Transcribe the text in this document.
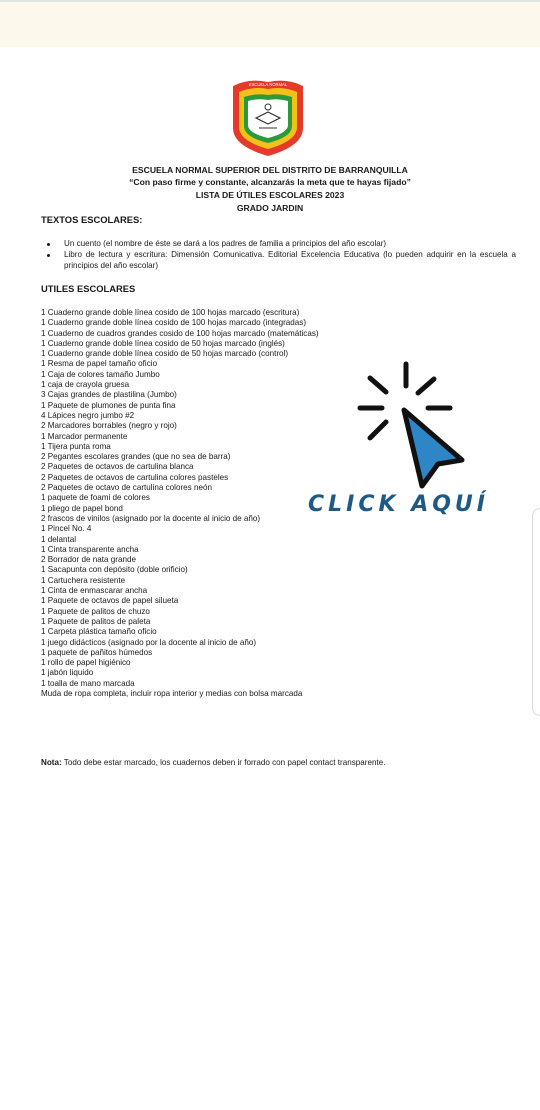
ESCUELA NORMAL
ESCUELA NORMAL SUPERIOR DEL DISTRITO DE BARRANQUILLA
“Con paso firme y constante, alcanzarás la meta que te hayas fijado”
LISTA DE ÚTILES ESCOLARES 2023
GRADO JARDIN
TEXTOS ESCOLARES:
Un cuento (el nombre de éste se dará a los padres de familia a principios del año escolar)
Libro de lectura y escritura: Dimensión Comunicativa. Editorial Excelencia Educativa (lo pueden adquirir en la escuela a principios del año escolar)
UTILES ESCOLARES
1 Cuaderno grande doble línea cosido de 100 hojas marcado (escritura)
1 Cuaderno grande doble línea cosido de 100 hojas marcado (integradas)
1 Cuaderno de cuadros grandes cosido de 100 hojas marcado (matemáticas)
1 Cuaderno grande doble línea cosido de 50 hojas marcado (inglés)
1 Cuaderno grande doble línea cosido de 50 hojas marcado (control)
1 Resma de papel tamaño oficio
1 Caja de colores tamaño Jumbo
1 caja de crayola gruesa
3 Cajas grandes de plastilina (Jumbo)
1 Paquete de plumones de punta fina
4 Lápices negro jumbo #2
2 Marcadores borrables (negro y rojo)
1 Marcador permanente
1 Tijera punta roma
2 Pegantes escolares grandes (que no sea de barra)
2 Paquetes de octavos de cartulina blanca
2 Paquetes de octavos de cartulina colores pasteles
2 Paquetes de octavo de cartulina colores neón
1 paquete de foami de colores
1 pliego de papel bond
2 frascos de vinilos (asignado por la docente al inicio de año)
1 Pincel No. 4
1 delantal
1 Cinta transparente ancha
2 Borrador de nata grande
1 Sacapunta con depósito (doble orificio)
1 Cartuchera resistente
1 Cinta de enmascarar ancha
1 Paquete de octavos de papel silueta
1 Paquete de palitos de chuzo
1 Paquete de palitos de paleta
1 Carpeta plástica tamaño oficio
1 juego didácticos (asignado por la docente al inicio de año)
1 paquete de pañitos húmedos
1 rollo de papel higiénico
1 jabón liquido
1 toalla de mano marcada
Muda de ropa completa, incluir ropa interior y medias con bolsa marcada
Nota: Todo debe estar marcado, los cuadernos deben ir forrado con papel contact transparente.
CLICK AQUÍ
